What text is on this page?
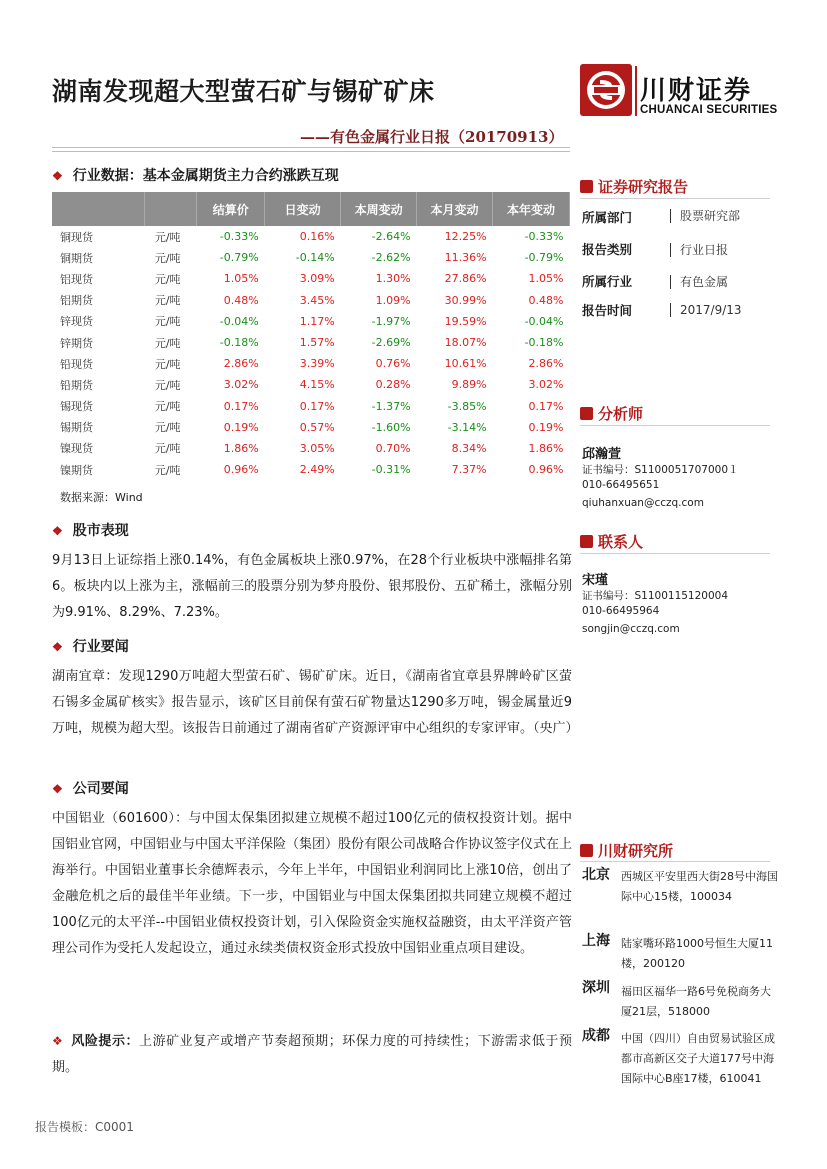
湖南发现超大型萤石矿与锡矿矿床
——有色金属行业日报（20170913）
川财证券
CHUANCAI SECURITIES
❖ 行业数据：基本金属期货主力合约涨跌互现
		结算价	日变动	本周变动	本月变动	本年变动
铜现货	元/吨	-0.33%	0.16%	-2.64%	12.25%	-0.33%
铜期货	元/吨	-0.79%	-0.14%	-2.62%	11.36%	-0.79%
铝现货	元/吨	1.05%	3.09%	1.30%	27.86%	1.05%
铝期货	元/吨	0.48%	3.45%	1.09%	30.99%	0.48%
锌现货	元/吨	-0.04%	1.17%	-1.97%	19.59%	-0.04%
锌期货	元/吨	-0.18%	1.57%	-2.69%	18.07%	-0.18%
铅现货	元/吨	2.86%	3.39%	0.76%	10.61%	2.86%
铅期货	元/吨	3.02%	4.15%	0.28%	9.89%	3.02%
锡现货	元/吨	0.17%	0.17%	-1.37%	-3.85%	0.17%
锡期货	元/吨	0.19%	0.57%	-1.60%	-3.14%	0.19%
镍现货	元/吨	1.86%	3.05%	0.70%	8.34%	1.86%
镍期货	元/吨	0.96%	2.49%	-0.31%	7.37%	0.96%
数据来源：Wind
❖ 股市表现
9月13日上证综指上涨0.14%，有色金属板块上涨0.97%，在28个行业板块中涨幅排名第6。板块内以上涨为主，涨幅前三的股票分别为梦舟股份、银邦股份、五矿稀土，涨幅分别为9.91%、8.29%、7.23%。
❖ 行业要闻
湖南宜章：发现1290万吨超大型萤石矿、锡矿矿床。近日，《湖南省宜章县界牌岭矿区萤石锡多金属矿核实》报告显示，该矿区目前保有萤石矿物量达1290多万吨，锡金属量近9万吨，规模为超大型。该报告日前通过了湖南省矿产资源评审中心组织的专家评审。（央广）
❖ 公司要闻
中国铝业（601600）：与中国太保集团拟建立规模不超过100亿元的债权投资计划。据中国铝业官网，中国铝业与中国太平洋保险（集团）股份有限公司战略合作协议签字仪式在上海举行。中国铝业董事长余德辉表示，今年上半年，中国铝业利润同比上涨10倍，创出了金融危机之后的最佳半年业绩。下一步，中国铝业与中国太保集团拟共同建立规模不超过100亿元的太平洋--中国铝业债权投资计划，引入保险资金实施权益融资，由太平洋资产管理公司作为受托人发起设立，通过永续类债权资金形式投放中国铝业重点项目建设。
❖ 风险提示：上游矿业复产或增产节奏超预期；环保力度的可持续性；下游需求低于预期。
证券研究报告
所属部门	股票研究部
报告类别	行业日报
所属行业	有色金属
报告时间	2017/9/13
分析师
邱瀚萱
证书编号：S1100051707000１
010-66495651
qiuhanxuan@cczq.com
联系人
宋瑾
证书编号：S1100115120004
010-66495964
songjin@cczq.com
川财研究所
北京 西城区平安里西大街28号中海国际中心15楼，100034
上海 陆家嘴环路1000号恒生大厦11楼，200120
深圳 福田区福华一路6号免税商务大厦21层，518000
成都 中国（四川）自由贸易试验区成都市高新区交子大道177号中海国际中心B座17楼，610041
报告模板：C0001
